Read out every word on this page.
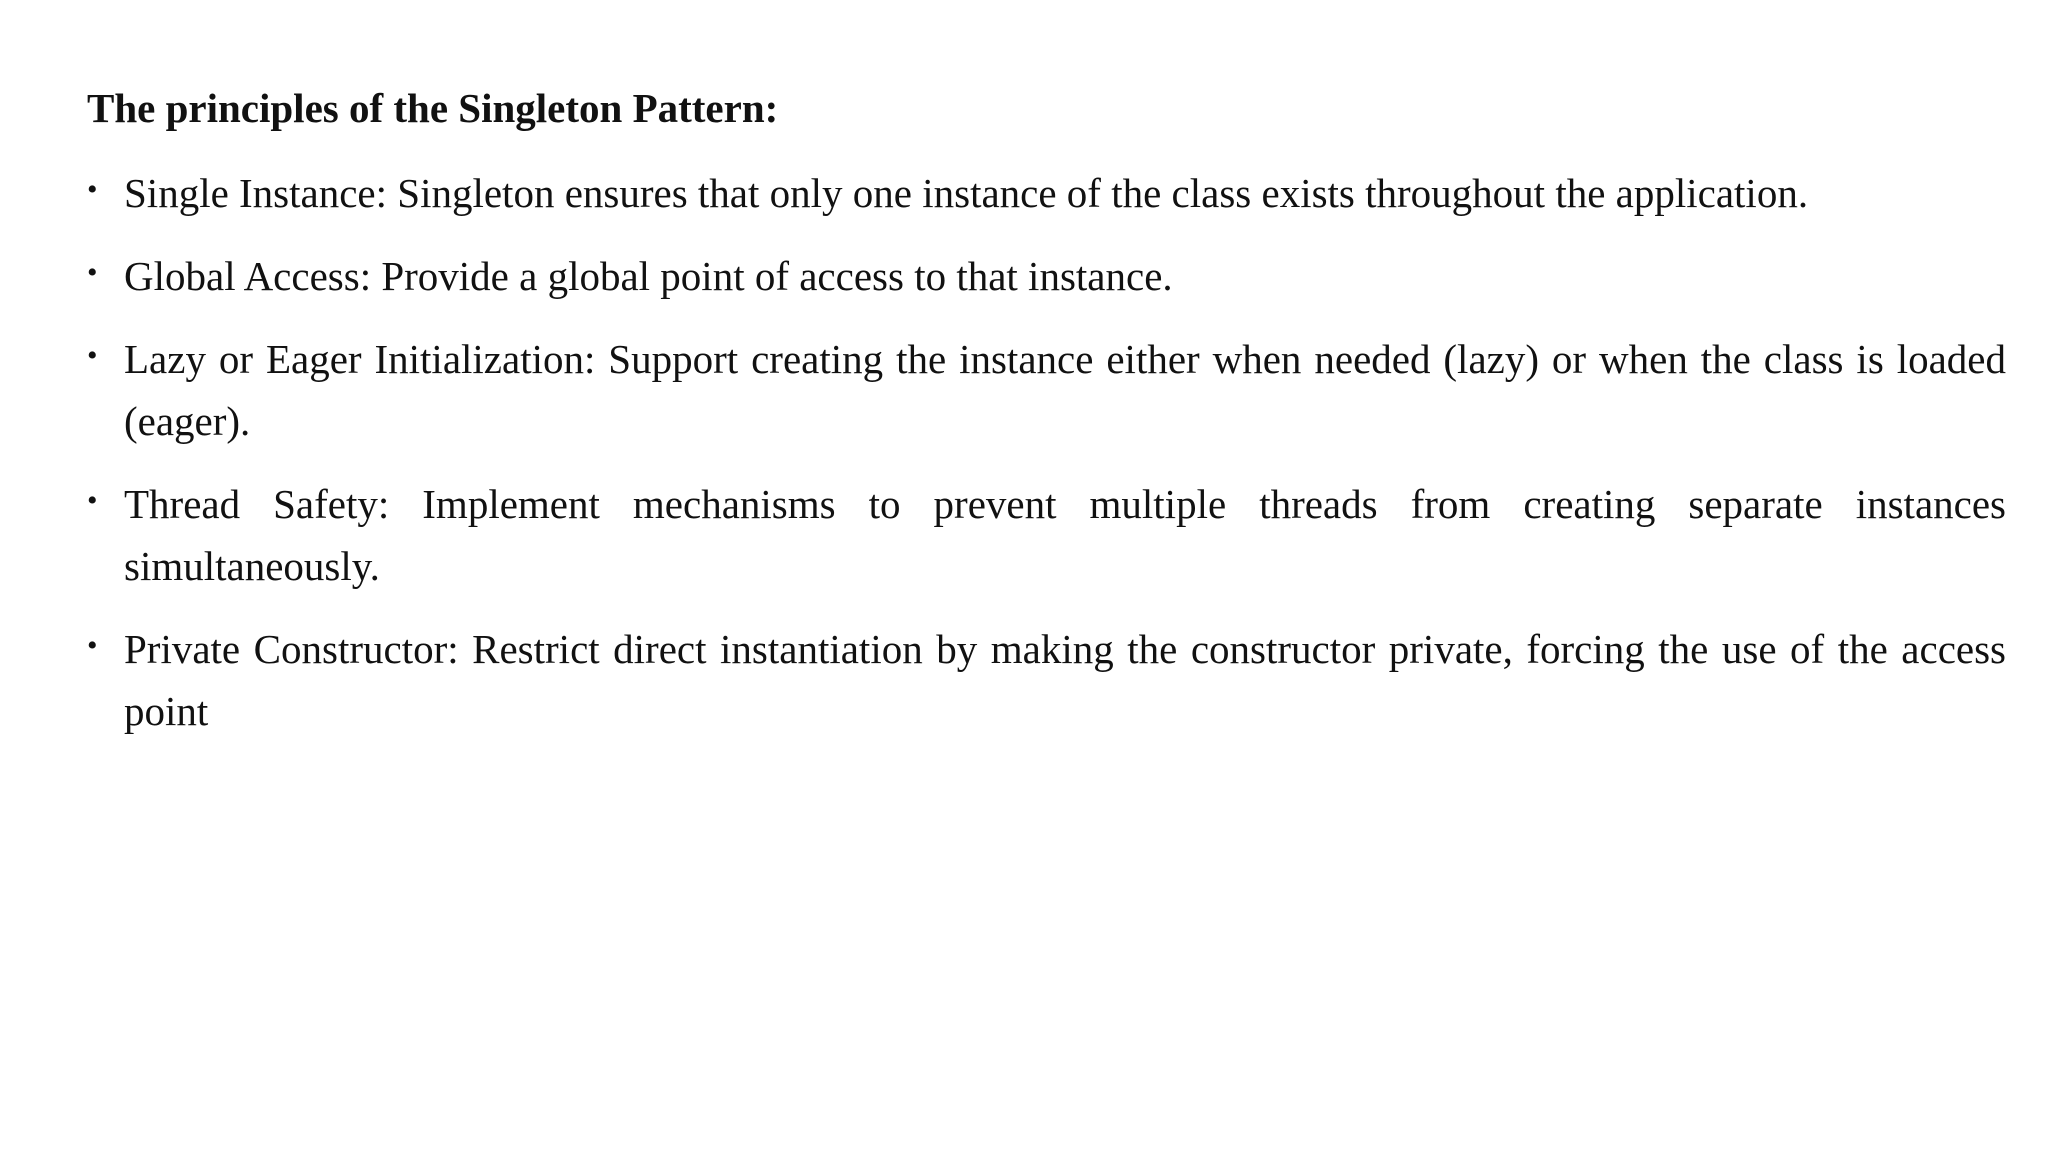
The principles of the Singleton Pattern:
• Single Instance: Singleton ensures that only one instance of the class exists throughout the application.
• Global Access: Provide a global point of access to that instance.
• Lazy or Eager Initialization: Support creating the instance either when needed (lazy) or when the class is loaded (eager).
• Thread Safety: Implement mechanisms to prevent multiple threads from creating separate instances simultaneously.
• Private Constructor: Restrict direct instantiation by making the constructor private, forcing the use of the access point
